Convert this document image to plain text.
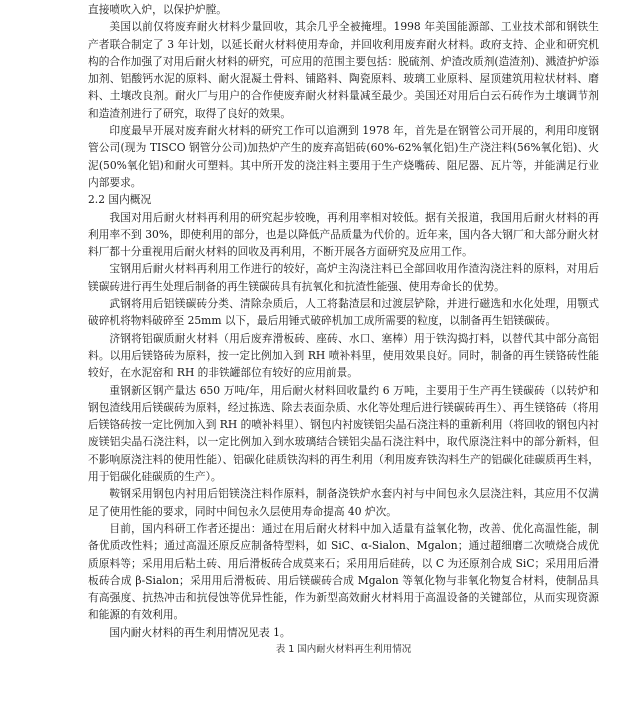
直接喷吹入炉，以保护炉膛。

美国以前仅将废弃耐火材料少量回收，其余几乎全被掩埋。1998 年美国能源部、工业技术部和钢铁生产者联合制定了 3 年计划，以延长耐火材料使用寿命，并回收利用废弃耐火材料。政府支持、企业和研究机构的合作加强了对用后耐火材料的研究，可应用的范围主要包括：脱硫剂、炉渣改质剂(造渣剂)、溅渣护炉添加剂、铝酸钙水泥的原料、耐火混凝土骨料、铺路料、陶瓷原料、玻璃工业原料、屋顶建筑用粒状材料、磨料、土壤改良剂。耐火厂与用户的合作使废弃耐火材料量减至最少。美国还对用后白云石砖作为土壤调节剂和造渣剂进行了研究，取得了良好的效果。

印度最早开展对废弃耐火材料的研究工作可以追溯到 1978 年，首先是在钢管公司开展的，利用印度钢管公司(现为 TISCO 钢管分公司)加热炉产生的废弃高铝砖(60%-62%氧化铝)生产浇注料(56%氧化铝)、火泥(50%氧化铝)和耐火可塑料。其中所开发的浇注料主要用于生产烧嘴砖、阻尼器、瓦片等，并能满足行业内部要求。

2.2 国内概况

我国对用后耐火材料再利用的研究起步较晚，再利用率相对较低。据有关报道，我国用后耐火材料的再利用率不到 30%，即使利用的部分，也是以降低产品质量为代价的。近年来，国内各大钢厂和大部分耐火材料厂都十分重视用后耐火材料的回收及再利用，不断开展各方面研究及应用工作。

宝钢用后耐火材料再利用工作进行的较好，高炉主沟浇注料已全部回收用作渣沟浇注料的原料，对用后镁碳砖进行再生处理后制备的再生镁碳砖具有抗氧化和抗渣性能强、使用寿命长的优势。

武钢将用后铝镁碳砖分类、清除杂质后，人工将黏渣层和过渡层铲除，并进行磁选和水化处理，用颚式破碎机将物料破碎至 25mm 以下，最后用锤式破碎机加工成所需要的粒度，以制备再生铝镁碳砖。

济钢将铝碳质耐火材料（用后废弃滑板砖、座砖、水口、塞棒）用于铁沟捣打料，以替代其中部分高铝料。以用后镁铬砖为原料，按一定比例加入到 RH 喷补料里，使用效果良好。同时，制备的再生镁铬砖性能较好，在水泥窑和 RH 的非铁罐部位有较好的应用前景。

重钢新区钢产量达 650 万吨/年，用后耐火材料回收量约 6 万吨，主要用于生产再生镁碳砖（以转炉和钢包渣线用后镁碳砖为原料，经过拣选、除去表面杂质、水化等处理后进行镁碳砖再生）、再生镁铬砖（将用后镁铬砖按一定比例加入到 RH 的喷补料里）、钢包内衬废镁铝尖晶石浇注料的重新利用（将回收的钢包内衬废镁铝尖晶石浇注料，以一定比例加入到水玻璃结合镁铝尖晶石浇注料中，取代原浇注料中的部分新料，但不影响原浇注料的使用性能）、铝碳化硅质铁沟料的再生利用（利用废弃铁沟料生产的铝碳化硅碳质再生料，用于铝碳化硅碳质的生产）。

鞍钢采用钢包内衬用后铝镁浇注料作原料，制备浇铁炉水套内衬与中间包永久层浇注料，其应用不仅满足了使用性能的要求，同时中间包永久层使用寿命提高 40 炉次。

目前，国内科研工作者还提出：通过在用后耐火材料中加入适量有益氧化物，改善、优化高温性能，制备优质改性料；通过高温还原反应制备特型料，如 SiC、α-Sialon、Mgalon；通过超细磨二次喷烧合成优质原料等；采用用后粘土砖、用后滑板砖合成莫来石；采用用后硅砖，以 C 为还原剂合成 SiC；采用用后滑板砖合成 β-Sialon；采用用后滑板砖、用后镁碳砖合成 Mgalon 等氧化物与非氧化物复合材料，使制品具有高强度、抗热冲击和抗侵蚀等优异性能，作为新型高效耐火材料用于高温设备的关键部位，从而实现资源和能源的有效利用。

国内耐火材料的再生利用情况见表 1。

表 1 国内耐火材料再生利用情况
